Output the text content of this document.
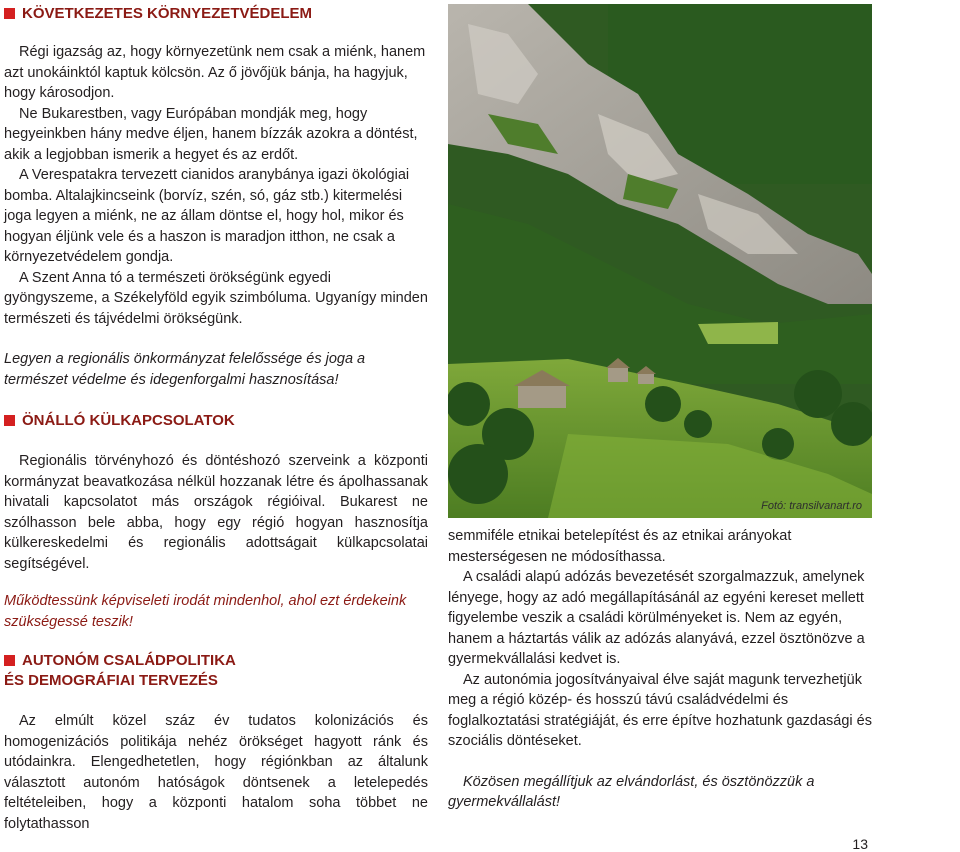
KÖVETKEZETES KÖRNYEZETVÉDELEM

Régi igazság az, hogy környezetünk nem csak a miénk, hanem azt unokáinktól kaptuk kölcsön. Az ő jövőjük bánja, ha hagyjuk, hogy károsodjon.

Ne Bukarestben, vagy Európában mondják meg, hogy hegyeinkben hány medve éljen, hanem bízzák azokra a döntést, akik a legjobban ismerik a hegyet és az erdőt.

A Verespatakra tervezett cianidos aranybánya igazi ökológiai bomba. Altalajkincseink (borvíz, szén, só, gáz stb.) kitermelési joga legyen a miénk, ne az állam döntse el, hogy hol, mikor és hogyan éljünk vele és a haszon is maradjon itthon, ne csak a környezetvédelem gondja.

A Szent Anna tó a természeti örökségünk egyedi gyöngyszeme, a Székelyföld egyik szimbóluma. Ugyanígy minden természeti és tájvédelmi örökségünk.

Legyen a regionális önkormányzat felelőssége és joga a természet védelme és idegenforgalmi hasznosítása!

ÖNÁLLÓ KÜLKAPCSOLATOK

Regionális törvényhozó és döntéshozó szerveink a központi kormányzat beavatkozása nélkül hozzanak létre és ápolhassanak hivatali kapcsolatot más országok régióival. Bukarest ne szólhasson bele abba, hogy egy régió hogyan hasznosítja külkereskedelmi és regionális adottságait külkapcsolatai segítségével.

Működtessünk képviseleti irodát mindenhol, ahol ezt érdekeink szükségessé teszik!

AUTONÓM CSALÁDPOLITIKA
ÉS DEMOGRÁFIAI TERVEZÉS

Az elmúlt közel száz év tudatos kolonizációs és homogenizációs politikája nehéz örökséget hagyott ránk és utódainkra. Elengedhetetlen, hogy régiónkban az általunk választott autonóm hatóságok döntsenek a letelepedés feltételeiben, hogy a központi hatalom soha többet ne folytathasson

Fotó: transilvanart.ro

semmiféle etnikai betelepítést és az etnikai arányokat mesterségesen ne módosíthassa.

A családi alapú adózás bevezetését szorgalmazzuk, amelynek lényege, hogy az adó megállapításánál az egyéni kereset mellett figyelembe veszik a családi körülményeket is. Nem az egyén, hanem a háztartás válik az adózás alanyává, ezzel ösztönözve a gyermekvállalási kedvet is.

Az autonómia jogosítványaival élve saját magunk tervezhetjük meg a régió közép- és hosszú távú családvédelmi és foglalkoztatási stratégiáját, és erre építve hozhatunk gazdasági és szociális döntéseket.

Közösen megállítjuk az elvándorlást, és ösztönözzük a gyermekvállalást!

13
